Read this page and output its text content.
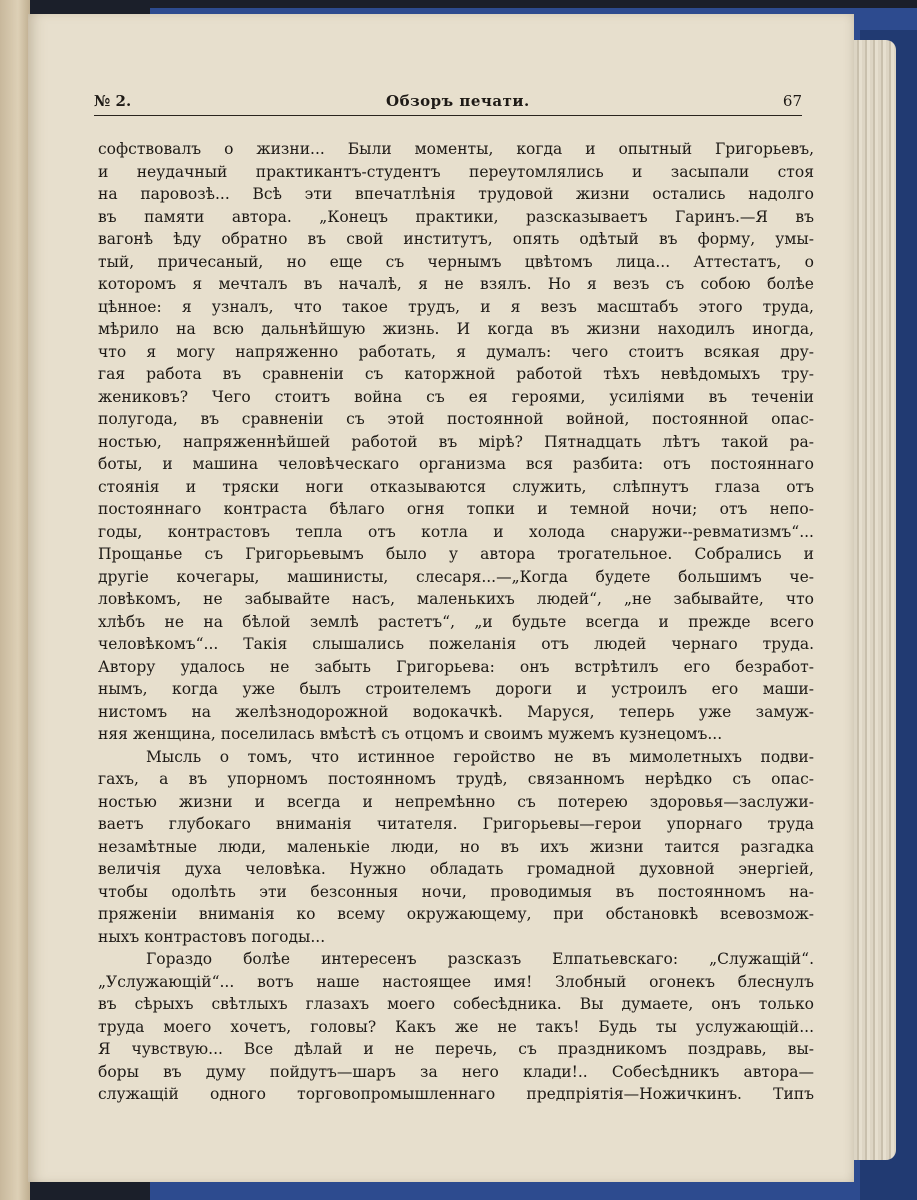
№ 2.	Обзоръ печати.	67
софствовалъ о жизни... Были моменты, когда и опытный Григорьевъ,
и неудачный практикантъ-студентъ переутомлялись и засыпали стоя
на паровозѣ... Всѣ эти впечатлѣнія трудовой жизни остались надолго
въ памяти автора. „Конецъ практики, разсказываетъ Гаринъ.—Я въ
вагонѣ ѣду обратно въ свой институтъ, опять одѣтый въ форму, умы-
тый, причесаный, но еще съ чернымъ цвѣтомъ лица... Аттестатъ, о
которомъ я мечталъ въ началѣ, я не взялъ. Но я везъ съ собою болѣе
цѣнное: я узналъ, что такое трудъ, и я везъ масштабъ этого труда,
мѣрило на всю дальнѣйшую жизнь. И когда въ жизни находилъ иногда,
что я могу напряженно работать, я думалъ: чего стоитъ всякая дру-
гая работа въ сравненіи съ каторжной работой тѣхъ невѣдомыхъ тру-
жениковъ? Чего стоитъ война съ ея героями, усиліями въ теченіи
полугода, въ сравненіи съ этой постоянной войной, постоянной опас-
ностью, напряженнѣйшей работой въ мірѣ? Пятнадцать лѣтъ такой ра-
боты, и машина человѣческаго организма вся разбита: отъ постояннаго
стоянія и тряски ноги отказываются служить, слѣпнутъ глаза отъ
постояннаго контраста бѣлаго огня топки и темной ночи; отъ непо-
годы, контрастовъ тепла отъ котла и холода снаружи--ревматизмъ“...
Прощанье съ Григорьевымъ было у автора трогательное. Собрались и
другіе кочегары, машинисты, слесаря...—„Когда будете большимъ че-
ловѣкомъ, не забывайте насъ, маленькихъ людей“, „не забывайте, что
хлѣбъ не на бѣлой землѣ растетъ“, „и будьте всегда и прежде всего
человѣкомъ“... Такія слышались пожеланія отъ людей чернаго труда.
Автору удалось не забыть Григорьева: онъ встрѣтилъ его безработ-
нымъ, когда уже былъ строителемъ дороги и устроилъ его маши-
нистомъ на желѣзнодорожной водокачкѣ. Маруся, теперь уже замуж-
няя женщина, поселилась вмѣстѣ съ отцомъ и своимъ мужемъ кузнецомъ...
Мысль о томъ, что истинное геройство не въ мимолетныхъ подви-
гахъ, а въ упорномъ постоянномъ трудѣ, связанномъ нерѣдко съ опас-
ностью жизни и всегда и непремѣнно съ потерею здоровья—заслужи-
ваетъ глубокаго вниманія читателя. Григорьевы—герои упорнаго труда
незамѣтные люди, маленькіе люди, но въ ихъ жизни таится разгадка
величія духа человѣка. Нужно обладать громадной духовной энергіей,
чтобы одолѣть эти безсонныя ночи, проводимыя въ постоянномъ на-
пряженіи вниманія ко всему окружающему, при обстановкѣ всевозмож-
ныхъ контрастовъ погоды...
Гораздо болѣе интересенъ разсказъ Елпатьевскаго: „Служащій“.
„Услужающій“... вотъ наше настоящее имя! Злобный огонекъ блеснулъ
въ сѣрыхъ свѣтлыхъ глазахъ моего собесѣдника. Вы думаете, онъ только
труда моего хочетъ, головы? Какъ же не такъ! Будь ты услужающій...
Я чувствую... Все дѣлай и не перечь, съ праздникомъ поздравь, вы-
боры въ думу пойдутъ—шаръ за него клади!.. Собесѣдникъ автора—
служащій одного торговопромышленнаго предпріятія—Ножичкинъ. Типъ
